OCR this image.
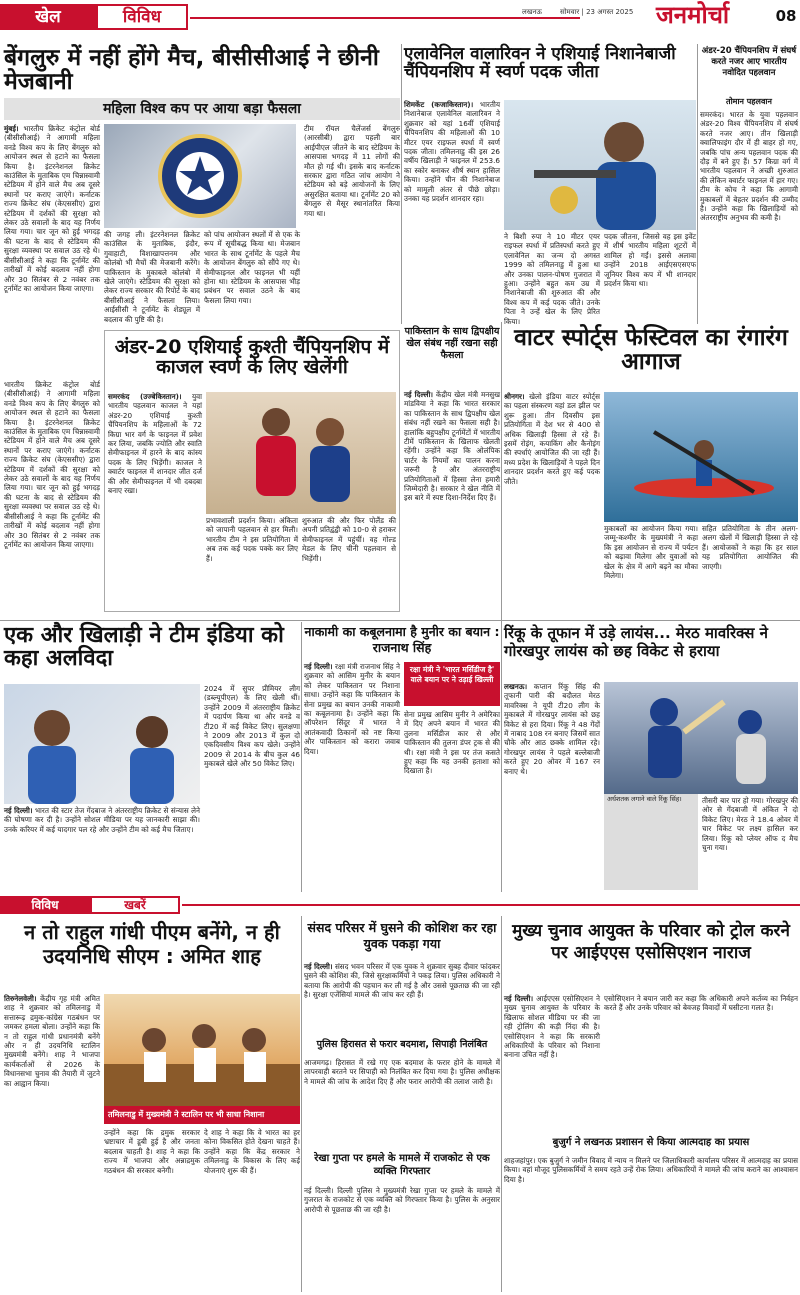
खेल	विविध	लखनऊ	सोमवार | 23 अगस्त 2025 जनमोर्चा	08
बेंगलुरु में नहीं होंगे मैच, बीसीसीआई ने छीनी मेजबानी
महिला विश्व कप पर आया बड़ा फैसला
मुंबई। भारतीय क्रिकेट कंट्रोल बोर्ड (बीसीसीआई) ने आगामी महिला वनडे विश्व कप के लिए बेंगलुरु को आयोजन स्थल से हटाने का फैसला किया है। इंटरनेशनल क्रिकेट काउंसिल के मुताबिक एम चिन्नास्वामी स्टेडियम में होने वाले मैच अब दूसरे स्थानों पर कराए जाएंगे। कर्नाटक राज्य क्रिकेट संघ (केएससीए) द्वारा स्टेडियम में दर्शकों की सुरक्षा को लेकर उठे सवालों के बाद यह निर्णय लिया गया। चार जून को हुई भगदड़ की घटना के बाद से स्टेडियम की सुरक्षा व्यवस्था पर सवाल उठ रहे थे। बीसीसीआई ने कहा कि टूर्नामेंट की तारीखों में कोई बदलाव नहीं होगा और 30 सितंबर से 2 नवंबर तक टूर्नामेंट का आयोजन किया जाएगा।
की जगह ली। इंटरनेशनल क्रिकेट काउंसिल के मुताबिक, इंदौर, गुवाहाटी, विशाखापत्तनम और कोलंबो भी मैचों की मेजबानी करेंगे। पाकिस्तान के मुकाबले कोलंबो में खेले जाएंगे। स्टेडियम की सुरक्षा को लेकर राज्य सरकार की रिपोर्ट के बाद बीसीसीआई ने फैसला लिया। आईसीसी ने टूर्नामेंट के शेड्यूल में बदलाव की पुष्टि की है।
को पांच आयोजन स्थलों में से एक के रूप में सूचीबद्ध किया था। मेजबान भारत के साथ टूर्नामेंट के पहले मैच के आयोजन बेंगलुरु को सौंपे गए थे। सेमीफाइनल और फाइनल भी यहीं होना था। स्टेडियम के आसपास भीड़ प्रबंधन पर सवाल उठने के बाद फैसला लिया गया।
टीम रॉयल चैलेंजर्स बेंगलुरु (आरसीबी) द्वारा पहली बार आईपीएल जीतने के बाद स्टेडियम के आसपास भगदड़ में 11 लोगों की मौत हो गई थी। इसके बाद कर्नाटक सरकार द्वारा गठित जांच आयोग ने स्टेडियम को बड़े आयोजनों के लिए असुरक्षित बताया था। टूर्नामेंट 20 को बेंगलुरु से मैसूर स्थानांतरित किया गया था।
एलावेनिल वालारिवन ने एशियाई निशानेबाजी चैंपियनशिप में स्वर्ण पदक जीता
शिमकेंट (कजाकिस्तान)। भारतीय निशानेबाज एलावेनिल वालारिवन ने शुक्रवार को यहां 16वीं एशियाई चैंपियनशिप की महिलाओं की 10 मीटर एयर राइफल स्पर्धा में स्वर्ण पदक जीता। तमिलनाडु की इस 26 वर्षीय खिलाड़ी ने फाइनल में 253.6 का स्कोर बनाकर शीर्ष स्थान हासिल किया। उन्होंने चीन की निशानेबाज को मामूली अंतर से पीछे छोड़ा। उनका यह प्रदर्शन शानदार रहा।
ने बिशी रुपा ने 10 मीटर एयर राइफल स्पर्धा में प्रतिस्पर्धा करते हुए एलावेनिल का जन्म दो अगस्त 1999 को तमिलनाडु में हुआ था और उनका पालन-पोषण गुजरात में हुआ। उन्होंने बहुत कम उम्र में निशानेबाजी की शुरुआत की और विश्व कप में कई पदक जीते। उनके पिता ने उन्हें खेल के लिए प्रेरित किया।
पदक जीतना, जिससे वह इस इवेंट में शीर्ष भारतीय महिला शूटरों में शामिल हो गईं। इससे अलावा उन्होंने 2018 आईएसएसएफ जूनियर विश्व कप में भी शानदार प्रदर्शन किया था।
अंडर-20 चैंपियनशिप में संघर्ष करते नजर आए भारतीय नवोदित पहलवान
तोमान पहलवान
समरकंद। भारत के युवा पहलवान अंडर-20 विश्व चैंपियनशिप में संघर्ष करते नजर आए। तीन खिलाड़ी क्वालिफाइंग दौर में ही बाहर हो गए, जबकि पांच अन्य पहलवान पदक की दौड़ में बने हुए हैं। 57 किग्रा वर्ग में भारतीय पहलवान ने अच्छी शुरुआत की लेकिन क्वार्टर फाइनल में हार गए। टीम के कोच ने कहा कि आगामी मुकाबलों में बेहतर प्रदर्शन की उम्मीद है। उन्होंने कहा कि खिलाड़ियों को अंतरराष्ट्रीय अनुभव की कमी है।
अंडर-20 एशियाई कुश्ती चैंपियनशिप में काजल स्वर्ण के लिए खेलेंगी
समरकंद (उज्बेकिस्तान)। युवा भारतीय पहलवान काजल ने यहां अंडर-20 एशियाई कुश्ती चैंपियनशिप के महिलाओं के 72 किग्रा भार वर्ग के फाइनल में प्रवेश कर लिया, जबकि ज्योति और स्वाति सेमीफाइनल में हारने के बाद कांस्य पदक के लिए भिड़ेंगी। काजल ने क्वार्टर फाइनल में शानदार जीत दर्ज की और सेमीफाइनल में भी दबदबा बनाए रखा।
प्रभावशाली प्रदर्शन किया। अंकिता को जापानी पहलवान से हार मिली। भारतीय टीम ने इस प्रतियोगिता में अब तक कई पदक पक्के कर लिए हैं।
शुरुआत की और फिर पोलैंड की अपनी प्रतिद्वंद्वी को 10-0 से हराकर सेमीफाइनल में पहुंचीं। वह गोल्ड मेडल के लिए चीनी पहलवान से भिड़ेंगी।
भारतीय क्रिकेट कंट्रोल बोर्ड (बीसीसीआई) ने आगामी महिला वनडे विश्व कप के लिए बेंगलुरु को आयोजन स्थल से हटाने का फैसला किया है। इंटरनेशनल क्रिकेट काउंसिल के मुताबिक एम चिन्नास्वामी स्टेडियम में होने वाले मैच अब दूसरे स्थानों पर कराए जाएंगे। कर्नाटक राज्य क्रिकेट संघ (केएससीए) द्वारा स्टेडियम में दर्शकों की सुरक्षा को लेकर उठे सवालों के बाद यह निर्णय लिया गया। चार जून को हुई भगदड़ की घटना के बाद से स्टेडियम की सुरक्षा व्यवस्था पर सवाल उठ रहे थे। बीसीसीआई ने कहा कि टूर्नामेंट की तारीखों में कोई बदलाव नहीं होगा और 30 सितंबर से 2 नवंबर तक टूर्नामेंट का आयोजन किया जाएगा।
पाकिस्तान के साथ द्विपक्षीय खेल संबंध नहीं रखना सही फैसला
नई दिल्ली। केंद्रीय खेल मंत्री मनसुख मांडविया ने कहा कि भारत सरकार का पाकिस्तान के साथ द्विपक्षीय खेल संबंध नहीं रखने का फैसला सही है। हालांकि बहुपक्षीय टूर्नामेंटों में भारतीय टीमें पाकिस्तान के खिलाफ खेलती रहेंगी। उन्होंने कहा कि ओलंपिक चार्टर के नियमों का पालन करना जरूरी है और अंतरराष्ट्रीय प्रतियोगिताओं में हिस्सा लेना हमारी जिम्मेदारी है। सरकार ने खेल नीति में इस बारे में स्पष्ट दिशा-निर्देश दिए हैं।
वाटर स्पोर्ट्स फेस्टिवल का रंगारंग आगाज
श्रीनगर। खेलो इंडिया वाटर स्पोर्ट्स का पहला संस्करण यहां डल झील पर शुरू हुआ। तीन दिवसीय इस प्रतियोगिता में देश भर से 400 से अधिक खिलाड़ी हिस्सा ले रहे हैं। इसमें रोइंग, कयाकिंग और कैनोइंग की स्पर्धाएं आयोजित की जा रही हैं। मध्य प्रदेश के खिलाड़ियों ने पहले दिन शानदार प्रदर्शन करते हुए कई पदक जीते।
मुकाबलों का आयोजन किया गया। जम्मू-कश्मीर के मुख्यमंत्री ने कहा कि इस आयोजन से राज्य में पर्यटन को बढ़ावा मिलेगा और युवाओं को खेल के क्षेत्र में आगे बढ़ने का मौका मिलेगा।
सहित प्रतियोगिता के तीन अलग-अलग खेलों में खिलाड़ी हिस्सा ले रहे हैं। आयोजकों ने कहा कि हर साल यह प्रतियोगिता आयोजित की जाएगी।
एक और खिलाड़ी ने टीम इंडिया को कहा अलविदा
नई दिल्ली। भारत की स्टार तेज गेंदबाज ने अंतरराष्ट्रीय क्रिकेट से संन्यास लेने की घोषणा कर दी है। उन्होंने सोशल मीडिया पर यह जानकारी साझा की। उनके करियर में कई यादगार पल रहे और उन्होंने टीम को कई मैच जिताए।
2024 में सुपर प्रीमियर लीग (डब्ल्यूपीएल) के लिए खेली थीं। उन्होंने 2009 में अंतरराष्ट्रीय क्रिकेट में पदार्पण किया था और वनडे व टी20 में कई विकेट लिए। सुलक्षणा ने 2009 और 2013 में कुल दो एकदिवसीय विश्व कप खेले। उन्होंने 2009 से 2014 के बीच कुल 46 मुकाबले खेले और 50 विकेट लिए।
नाकामी का कबूलनामा है मुनीर का बयान : राजनाथ सिंह
नई दिल्ली। रक्षा मंत्री राजनाथ सिंह ने शुक्रवार को आसिम मुनीर के बयान को लेकर पाकिस्तान पर निशाना साधा। उन्होंने कहा कि पाकिस्तान के सेना प्रमुख का बयान उनकी नाकामी का कबूलनामा है। उन्होंने कहा कि ऑपरेशन सिंदूर में भारत ने आतंकवादी ठिकानों को नष्ट किया और पाकिस्तान को करारा जवाब दिया।
रक्षा मंत्री ने 'भारत मर्सिडीज है' वाले बयान पर ने उड़ाई खिल्ली
सेना प्रमुख आसिम मुनीर ने अमेरिका में दिए अपने बयान में भारत की तुलना मर्सिडीज कार से और पाकिस्तान की तुलना डंपर ट्रक से की थी। रक्षा मंत्री ने इस पर तंज कसते हुए कहा कि यह उनकी हताशा को दिखाता है।
रिंकू के तूफान में उड़े लायंस... मेरठ मावरिक्स ने गोरखपुर लायंस को छह विकेट से हराया
लखनऊ। कप्तान रिंकू सिंह की तूफानी पारी की बदौलत मेरठ मावरिक्स ने यूपी टी20 लीग के मुकाबले में गोरखपुर लायंस को छह विकेट से हरा दिया। रिंकू ने 48 गेंदों में नाबाद 108 रन बनाए जिसमें सात चौके और आठ छक्के शामिल रहे। गोरखपुर लायंस ने पहले बल्लेबाजी करते हुए 20 ओवर में 167 रन बनाए थे।
अर्धशतक लगाने वाले रिंकू सिंह।	तीसरी बार पार हो गया। गोरखपुर की ओर से गेंदबाजी में अंकित ने दो विकेट लिए। मेरठ ने 18.4 ओवर में चार विकेट पर लक्ष्य हासिल कर लिया। रिंकू को प्लेयर ऑफ द मैच चुना गया।
विविध	खबरें
न तो राहुल गांधी पीएम बनेंगे, न ही उदयनिधि सीएम : अमित शाह
तिरुनेलवेली। केंद्रीय गृह मंत्री अमित शाह ने शुक्रवार को तमिलनाडु में सत्तारूढ़ द्रमुक-कांग्रेस गठबंधन पर जमकर हमला बोला। उन्होंने कहा कि न तो राहुल गांधी प्रधानमंत्री बनेंगे और न ही उदयनिधि स्टालिन मुख्यमंत्री बनेंगे। शाह ने भाजपा कार्यकर्ताओं से 2026 के विधानसभा चुनाव की तैयारी में जुटने का आह्वान किया।
तमिलनाडु में मुख्यमंत्री ने स्टालिन पर भी साधा निशाना
उन्होंने कहा कि द्रमुक सरकार भ्रष्टाचार में डूबी हुई है और जनता बदलाव चाहती है। शाह ने कहा कि राज्य में भाजपा और अन्नाद्रमुक गठबंधन की सरकार बनेगी।
दे शाह ने कहा कि वे भारत का हर कोना विकसित होते देखना चाहते हैं। उन्होंने कहा कि केंद्र सरकार ने तमिलनाडु के विकास के लिए कई योजनाएं शुरू की हैं।
संसद परिसर में घुसने की कोशिश कर रहा युवक पकड़ा गया
नई दिल्ली। संसद भवन परिसर में एक युवक ने शुक्रवार सुबह दीवार फांदकर घुसने की कोशिश की, जिसे सुरक्षाकर्मियों ने पकड़ लिया। पुलिस अधिकारी ने बताया कि आरोपी की पहचान कर ली गई है और उससे पूछताछ की जा रही है। सुरक्षा एजेंसियां मामले की जांच कर रही हैं।
पुलिस हिरासत से फरार बदमाश, सिपाही निलंबित
आजमगढ़। हिरासत में रखे गए एक बदमाश के फरार होने के मामले में लापरवाही बरतने पर सिपाही को निलंबित कर दिया गया है। पुलिस अधीक्षक ने मामले की जांच के आदेश दिए हैं और फरार आरोपी की तलाश जारी है।
रेखा गुप्ता पर हमले के मामले में राजकोट से एक व्यक्ति गिरफ्तार
नई दिल्ली। दिल्ली पुलिस ने मुख्यमंत्री रेखा गुप्ता पर हमले के मामले में गुजरात के राजकोट से एक व्यक्ति को गिरफ्तार किया है। पुलिस के अनुसार आरोपी से पूछताछ की जा रही है।
मुख्य चुनाव आयुक्त के परिवार को ट्रोल करने पर आईएएस एसोसिएशन नाराज
नई दिल्ली। आईएएस एसोसिएशन ने मुख्य चुनाव आयुक्त के परिवार के खिलाफ सोशल मीडिया पर की जा रही ट्रोलिंग की कड़ी निंदा की है। एसोसिएशन ने कहा कि सरकारी अधिकारियों के परिवार को निशाना बनाना उचित नहीं है।
एसोसिएशन ने बयान जारी कर कहा कि अधिकारी अपने कर्तव्य का निर्वहन करते हैं और उनके परिवार को बेवजह विवादों में घसीटना गलत है।
बुजुर्ग ने लखनऊ प्रशासन से किया आत्मदाह का प्रयास
शाहजहांपुर। एक बुजुर्ग ने जमीन विवाद में न्याय न मिलने पर जिलाधिकारी कार्यालय परिसर में आत्मदाह का प्रयास किया। वहां मौजूद पुलिसकर्मियों ने समय रहते उन्हें रोक लिया। अधिकारियों ने मामले की जांच कराने का आश्वासन दिया है।
